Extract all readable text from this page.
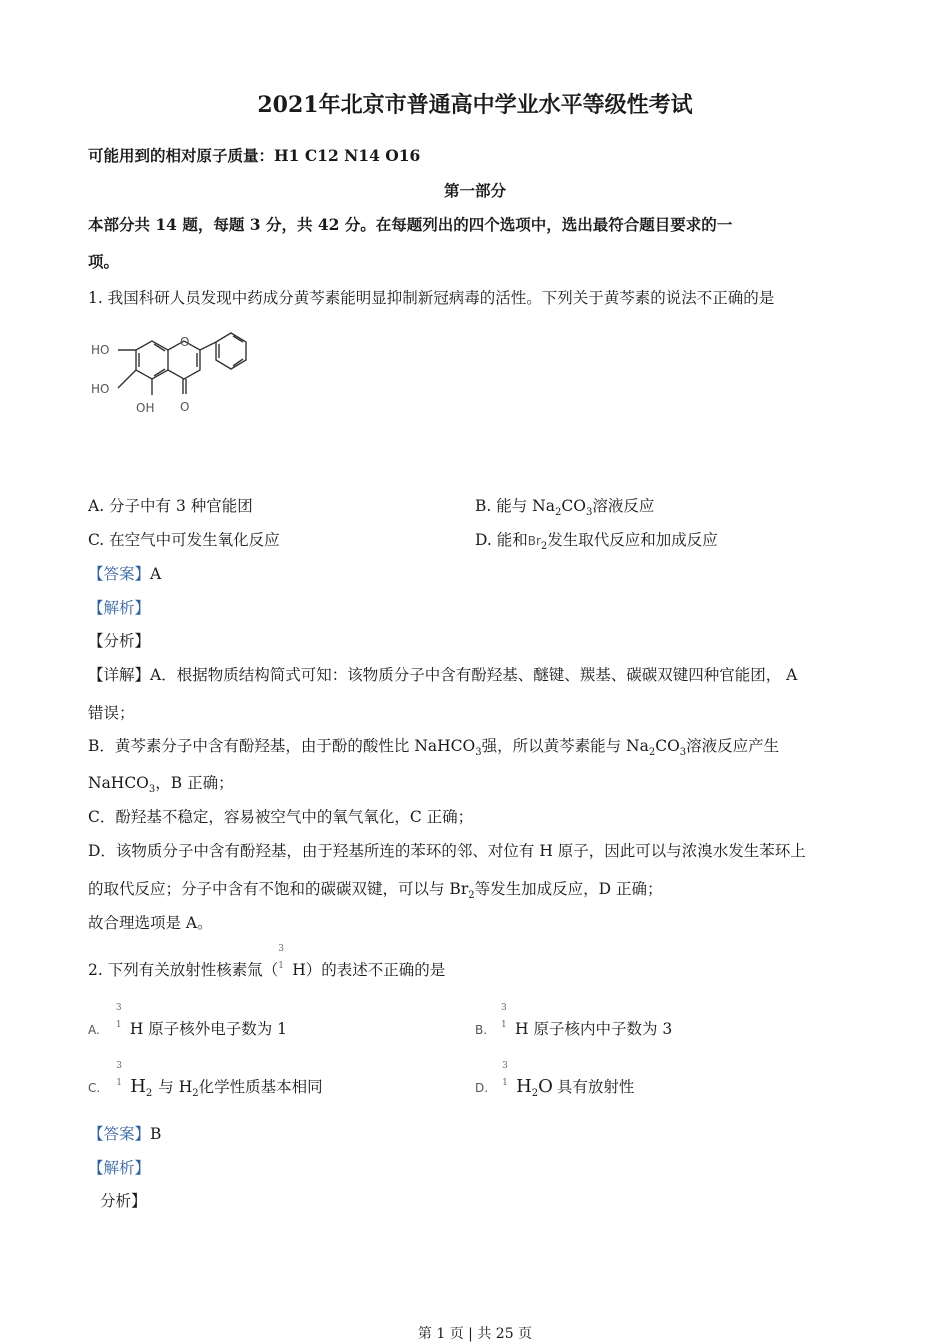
2021年北京市普通高中学业水平等级性考试
可能用到的相对原子质量：H1 C12 N14 O16
第一部分
本部分共 14 题，每题 3 分，共 42 分。在每题列出的四个选项中，选出最符合题目要求的一
项。
1. 我国科研人员发现中药成分黄芩素能明显抑制新冠病毒的活性。下列关于黄芩素的说法不正确的是
HO
HO
OH
O
O
A. 分子中有 3 种官能团	B. 能与 $Na_2CO_3$溶液反应
C. 在空气中可发生氧化反应	D. 能和$Br_2$发生取代反应和加成反应
【答案】A
【解析】
【分析】
【详解】A．根据物质结构简式可知：该物质分子中含有酚羟基、醚键、羰基、碳碳双键四种官能团， A
错误；
B．黄芩素分子中含有酚羟基，由于酚的酸性比 NaHCO$_3$强，所以黄芩素能与 $Na_2CO_3$溶液反应产生
NaHCO$_3$，B 正确；
C．酚羟基不稳定，容易被空气中的氧气氧化，C 正确；
D．该物质分子中含有酚羟基，由于羟基所连的苯环的邻、对位有 H 原子，因此可以与浓溴水发生苯环上
的取代反应；分子中含有不饱和的碳碳双键，可以与 $Br_2$等发生加成反应，D 正确；
故合理选项是 A。
2. 下列有关放射性核素氚（
3
1 H）的表述不正确的是
A.
3
1 H 原子核外电子数为 1	B.
3
1 H 原子核内中子数为 3
C.
3
1 $H_2$ 与 $H_2$化学性质基本相同	D.
3
1 $H_2O$ 具有放射性
【答案】B
【解析】
分析】
第 1 页 | 共 25 页
